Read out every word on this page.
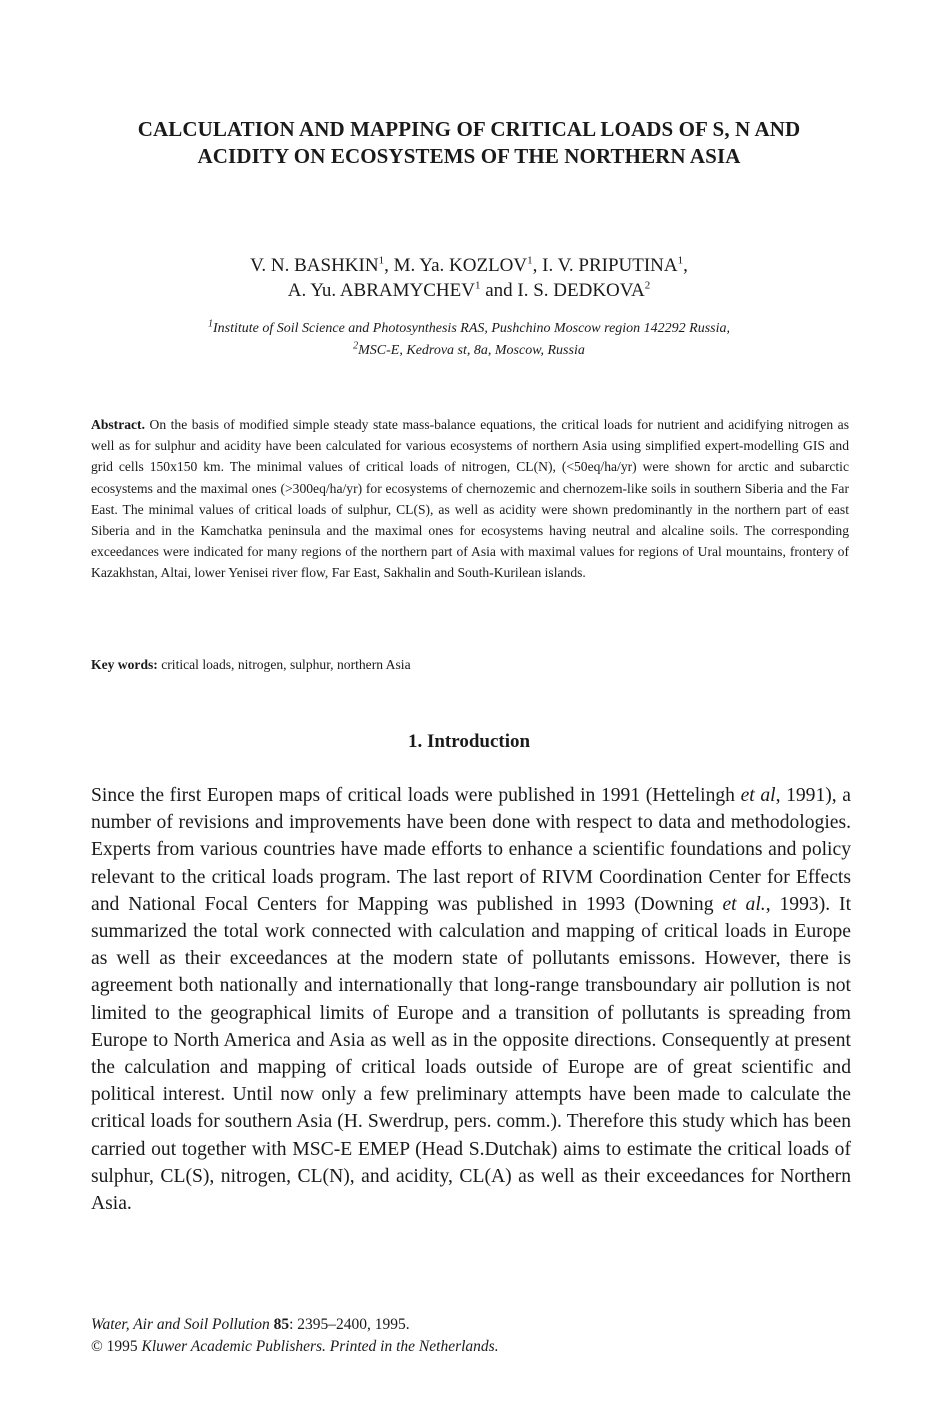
CALCULATION AND MAPPING OF CRITICAL LOADS OF S, N AND
ACIDITY ON ECOSYSTEMS OF THE NORTHERN ASIA
V. N. BASHKIN$^1$, M. Ya. KOZLOV$^1$, I. V. PRIPUTINA$^1$,
A. Yu. ABRAMYCHEV$^1$ and I. S. DEDKOVA$^2$
$^1$Institute of Soil Science and Photosynthesis RAS, Pushchino Moscow region 142292 Russia,
$^2$MSC-E, Kedrova st, 8a, Moscow, Russia
Abstract. On the basis of modified simple steady state mass-balance equations, the critical loads for nutrient and acidifying nitrogen as well as for sulphur and acidity have been calculated for various ecosystems of northern Asia using simplified expert-modelling GIS and grid cells 150x150 km. The minimal values of critical loads of nitrogen, CL(N), (<50eq/ha/yr) were shown for arctic and subarctic ecosystems and the maximal ones (>300eq/ha/yr) for ecosystems of chernozemic and chernozem-like soils in southern Siberia and the Far East. The minimal values of critical loads of sulphur, CL(S), as well as acidity were shown predominantly in the northern part of east Siberia and in the Kamchatka peninsula and the maximal ones for ecosystems having neutral and alcaline soils. The corresponding exceedances were indicated for many regions of the northern part of Asia with maximal values for regions of Ural mountains, frontery of Kazakhstan, Altai, lower Yenisei river flow, Far East, Sakhalin and South-Kurilean islands.
Key words: critical loads, nitrogen, sulphur, northern Asia
1. Introduction
Since the first Europen maps of critical loads were published in 1991 (Hettelingh et al, 1991), a number of revisions and improvements have been done with respect to data and methodologies. Experts from various countries have made efforts to enhance a scientific foundations and policy relevant to the critical loads program. The last report of RIVM Coordination Center for Effects and National Focal Centers for Mapping was published in 1993 (Downing et al., 1993). It summarized the total work connected with calculation and mapping of critical loads in Europe as well as their exceedances at the modern state of pollutants emissons. However, there is agreement both nationally and internationally that long-range transboundary air pollution is not limited to the geographical limits of Europe and a transition of pollutants is spreading from Europe to North America and Asia as well as in the opposite directions. Consequently at present the calculation and mapping of critical loads outside of Europe are of great scientific and political interest. Until now only a few preliminary attempts have been made to calculate the critical loads for southern Asia (H. Swerdrup, pers. comm.). Therefore this study which has been carried out together with MSC-E EMEP (Head S.Dutchak) aims to estimate the critical loads of sulphur, CL(S), nitrogen, CL(N), and acidity, CL(A) as well as their exceedances for Northern Asia.
Water, Air and Soil Pollution 85: 2395–2400, 1995.
© 1995 Kluwer Academic Publishers. Printed in the Netherlands.
